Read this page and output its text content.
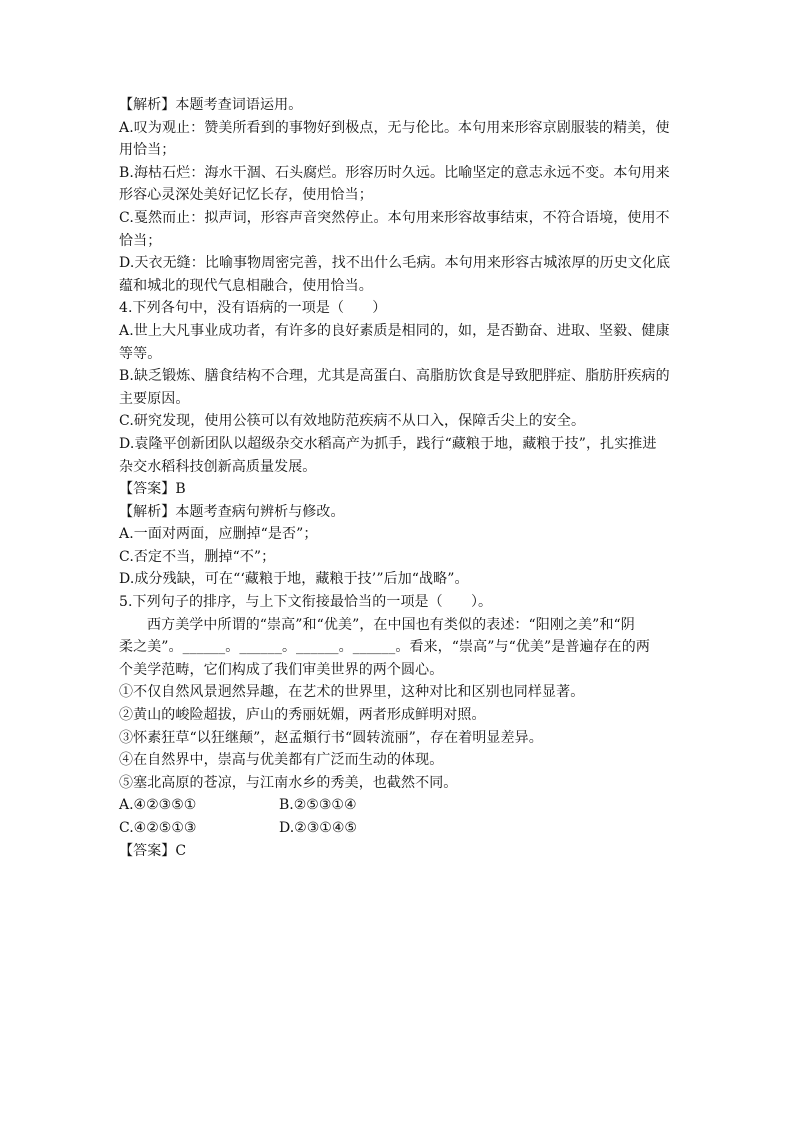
【解析】本题考查词语运用。
A.叹为观止：赞美所看到的事物好到极点，无与伦比。本句用来形容京剧服装的精美，使
用恰当；
B.海枯石烂：海水干涸、石头腐烂。形容历时久远。比喻坚定的意志永远不变。本句用来
形容心灵深处美好记忆长存，使用恰当；
C.戛然而止：拟声词，形容声音突然停止。本句用来形容故事结束，不符合语境，使用不
恰当；
D.天衣无缝：比喻事物周密完善，找不出什么毛病。本句用来形容古城浓厚的历史文化底
蕴和城北的现代气息相融合，使用恰当。
4.下列各句中，没有语病的一项是（　　）
A.世上大凡事业成功者，有许多的良好素质是相同的，如，是否勤奋、进取、坚毅、健康
等等。
B.缺乏锻炼、膳食结构不合理，尤其是高蛋白、高脂肪饮食是导致肥胖症、脂肪肝疾病的
主要原因。
C.研究发现，使用公筷可以有效地防范疾病不从口入，保障舌尖上的安全。
D.袁隆平创新团队以超级杂交水稻高产为抓手，践行“藏粮于地，藏粮于技”，扎实推进
杂交水稻科技创新高质量发展。
【答案】B
【解析】本题考查病句辨析与修改。
A.一面对两面，应删掉“是否”；
C.否定不当，删掉“不”；
D.成分残缺，可在“‘藏粮于地，藏粮于技’”后加“战略”。
5.下列句子的排序，与上下文衔接最恰当的一项是（　　）。
西方美学中所谓的“崇高”和“优美”，在中国也有类似的表述：“阳刚之美”和“阴
柔之美”。______。______。______。______。看来，“崇高”与“优美”是普遍存在的两
个美学范畴，它们构成了我们审美世界的两个圆心。
①不仅自然风景迥然异趣，在艺术的世界里，这种对比和区别也同样显著。
②黄山的峻险超拔，庐山的秀丽妩媚，两者形成鲜明对照。
③怀素狂草“以狂继颠”，赵孟頫行书“圆转流丽”，存在着明显差异。
④在自然界中，崇高与优美都有广泛而生动的体现。
⑤塞北高原的苍凉，与江南水乡的秀美，也截然不同。
A.④②③⑤①	B.②⑤③①④
C.④②⑤①③	D.②③①④⑤
【答案】C
